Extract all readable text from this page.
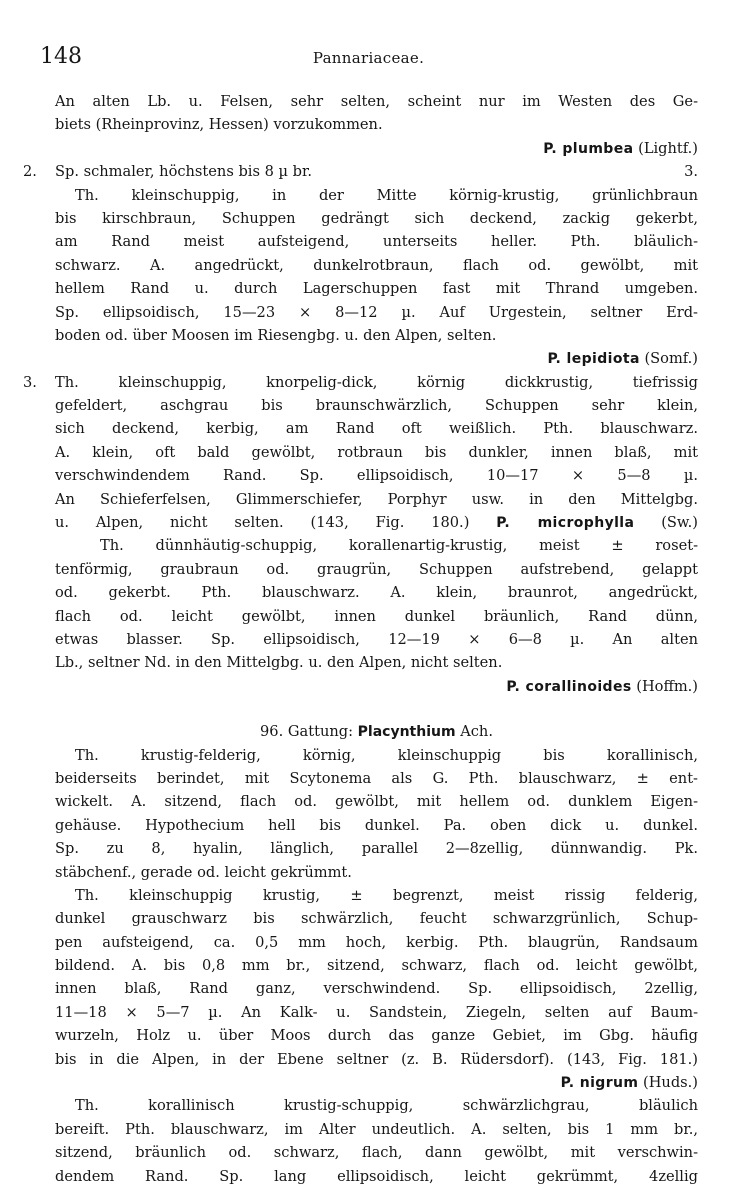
148	Pannariaceae.
An alten Lb. u. Felsen, sehr selten, scheint nur im Westen des Ge-
biets (Rheinprovinz, Hessen) vorzukommen.
P. plumbea (Lightf.)
2. Sp. schmaler, höchstens bis 8 µ br.	3.
Th. kleinschuppig, in der Mitte körnig-krustig, grünlichbraun
bis kirschbraun, Schuppen gedrängt sich deckend, zackig gekerbt,
am Rand meist aufsteigend, unterseits heller. Pth. bläulich-
schwarz. A. angedrückt, dunkelrotbraun, flach od. gewölbt, mit
hellem Rand u. durch Lagerschuppen fast mit Thrand umgeben.
Sp. ellipsoidisch, 15—23 × 8—12 µ. Auf Urgestein, seltner Erd-
boden od. über Moosen im Riesengbg. u. den Alpen, selten.
P. lepidiota (Somf.)
3. Th. kleinschuppig, knorpelig-dick, körnig dickkrustig, tiefrissig
gefeldert, aschgrau bis braunschwärzlich, Schuppen sehr klein,
sich deckend, kerbig, am Rand oft weißlich. Pth. blauschwarz.
A. klein, oft bald gewölbt, rotbraun bis dunkler, innen blaß, mit
verschwindendem Rand. Sp. ellipsoidisch, 10—17 × 5—8 µ.
An Schieferfelsen, Glimmerschiefer, Porphyr usw. in den Mittelgbg.
u. Alpen, nicht selten. (143, Fig. 180.) P. microphylla (Sw.)
Th. dünnhäutig-schuppig, korallenartig-krustig, meist ± roset-
tenförmig, graubraun od. graugrün, Schuppen aufstrebend, gelappt
od. gekerbt. Pth. blauschwarz. A. klein, braunrot, angedrückt,
flach od. leicht gewölbt, innen dunkel bräunlich, Rand dünn,
etwas blasser. Sp. ellipsoidisch, 12—19 × 6—8 µ. An alten
Lb., seltner Nd. in den Mittelgbg. u. den Alpen, nicht selten.
P. corallinoides (Hoffm.)
96. Gattung: Placynthium Ach.
Th. krustig-felderig, körnig, kleinschuppig bis korallinisch,
beiderseits berindet, mit Scytonema als G. Pth. blauschwarz, ± ent-
wickelt. A. sitzend, flach od. gewölbt, mit hellem od. dunklem Eigen-
gehäuse. Hypothecium hell bis dunkel. Pa. oben dick u. dunkel.
Sp. zu 8, hyalin, länglich, parallel 2—8zellig, dünnwandig. Pk.
stäbchenf., gerade od. leicht gekrümmt.
Th. kleinschuppig krustig, ± begrenzt, meist rissig felderig,
dunkel grauschwarz bis schwärzlich, feucht schwarzgrünlich, Schup-
pen aufsteigend, ca. 0,5 mm hoch, kerbig. Pth. blaugrün, Randsaum
bildend. A. bis 0,8 mm br., sitzend, schwarz, flach od. leicht gewölbt,
innen blaß, Rand ganz, verschwindend. Sp. ellipsoidisch, 2zellig,
11—18 × 5—7 µ. An Kalk- u. Sandstein, Ziegeln, selten auf Baum-
wurzeln, Holz u. über Moos durch das ganze Gebiet, im Gbg. häufig
bis in die Alpen, in der Ebene seltner (z. B. Rüdersdorf). (143, Fig. 181.)
P. nigrum (Huds.)
Th. korallinisch krustig-schuppig, schwärzlichgrau, bläulich
bereift. Pth. blauschwarz, im Alter undeutlich. A. selten, bis 1 mm br.,
sitzend, bräunlich od. schwarz, flach, dann gewölbt, mit verschwin-
dendem Rand. Sp. lang ellipsoidisch, leicht gekrümmt, 4zellig
